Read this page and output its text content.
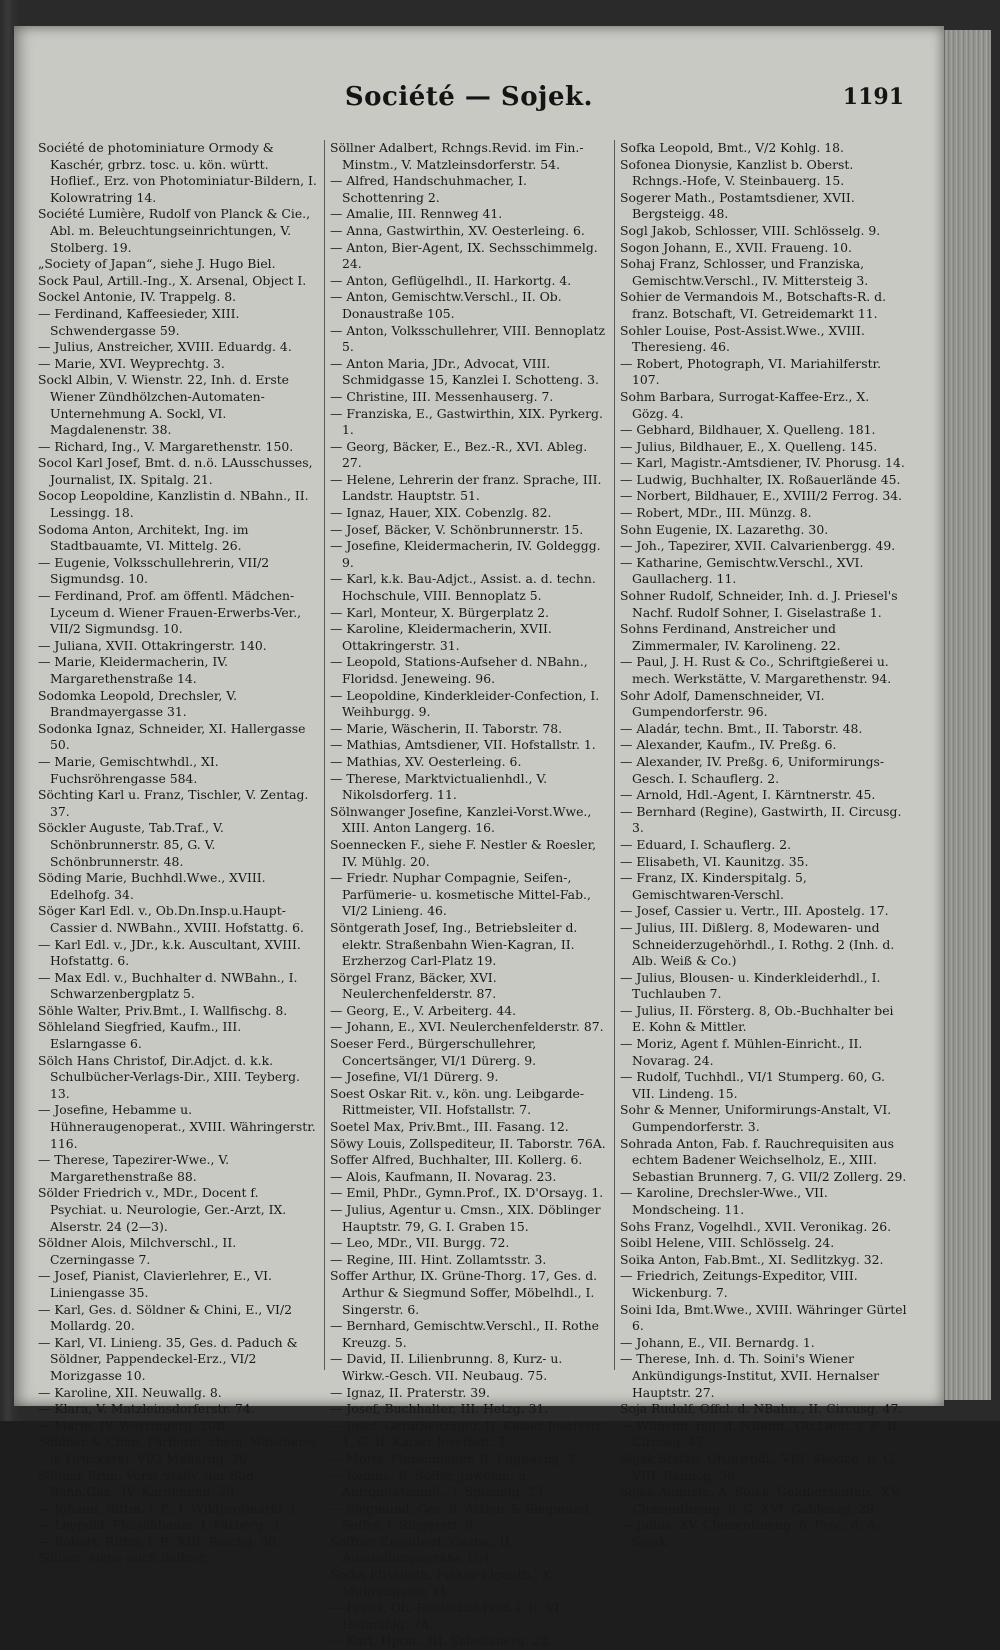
Société — Sojek.	1191
Société de photominiature Ormody & Kaschér, grbrz. tosc. u. kön. württ. Hoflief., Erz. von Photominiatur-Bildern, I. Kolowratring 14.
Société Lumière, Rudolf von Planck & Cie., Abl. m. Beleuchtungseinrichtungen, V. Stolberg. 19.
„Society of Japan“, siehe J. Hugo Biel.
Sock Paul, Artill.-Ing., X. Arsenal, Object I.
Sockel Antonie, IV. Trappelg. 8.
— Ferdinand, Kaffeesieder, XIII. Schwendergasse 59.
— Julius, Anstreicher, XVIII. Eduardg. 4.
— Marie, XVI. Weyprechtg. 3.
Sockl Albin, V. Wienstr. 22, Inh. d. Erste Wiener Zündhölzchen-Automaten-Unternehmung A. Sockl, VI. Magdalenenstr. 38.
— Richard, Ing., V. Margarethenstr. 150.
Socol Karl Josef, Bmt. d. n.ö. LAusschusses, Journalist, IX. Spitalg. 21.
Socop Leopoldine, Kanzlistin d. NBahn., II. Lessingg. 18.
Sodoma Anton, Architekt, Ing. im Stadtbauamte, VI. Mittelg. 26.
— Eugenie, Volksschullehrerin, VII/2 Sigmundsg. 10.
— Ferdinand, Prof. am öffentl. Mädchen-Lyceum d. Wiener Frauen-Erwerbs-Ver., VII/2 Sigmundsg. 10.
— Juliana, XVII. Ottakringerstr. 140.
— Marie, Kleidermacherin, IV. Margarethenstraße 14.
Sodomka Leopold, Drechsler, V. Brandmayergasse 31.
Sodonka Ignaz, Schneider, XI. Hallergasse 50.
— Marie, Gemischtwhdl., XI. Fuchsröhrengasse 584.
Söchting Karl u. Franz, Tischler, V. Zentag. 37.
Söckler Auguste, Tab.Traf., V. Schönbrunnerstr. 85, G. V. Schönbrunnerstr. 48.
Söding Marie, Buchhdl.Wwe., XVIII. Edelhofg. 34.
Söger Karl Edl. v., Ob.Dn.Insp.u.Haupt-Cassier d. NWBahn., XVIII. Hofstattg. 6.
— Karl Edl. v., JDr., k.k. Auscultant, XVIII. Hofstattg. 6.
— Max Edl. v., Buchhalter d. NWBahn., I. Schwarzenbergplatz 5.
Söhle Walter, Priv.Bmt., I. Wallfischg. 8.
Söhleland Siegfried, Kaufm., III. Eslarngasse 6.
Sölch Hans Christof, Dir.Adjct. d. k.k. Schulbücher-Verlags-Dir., XIII. Teyberg. 13.
— Josefine, Hebamme u. Hühneraugenoperat., XVIII. Währingerstr. 116.
— Therese, Tapezirer-Wwe., V. Margarethenstraße 88.
Sölder Friedrich v., MDr., Docent f. Psychiat. u. Neurologie, Ger.-Arzt, IX. Alserstr. 24 (2—3).
Söldner Alois, Milchverschl., II. Czerningasse 7.
— Josef, Pianist, Clavierlehrer, E., VI. Liniengasse 35.
— Karl, Ges. d. Söldner & Chini, E., VI/2 Mollardg. 20.
— Karl, VI. Linieng. 35, Ges. d. Paduch & Söldner, Pappendeckel-Erz., VI/2 Morizgasse 10.
— Karoline, XII. Neuwallg. 8.
— Klara, V. Matzleinsdorferstr. 74.
— Marie, IV. Weyringerg. 30B.
Söldner & Chini, Färberei, chem. Wäscherei u. Druckerei, VI/2 Mollardg. 20.
Söllner Brun. Vorst.Stellv. der Süd-Bahn.Ges., IV. Karolineng. 28.
— Johann, Rittm. i. P., I. Wildpretmarkt 3.
— Leopold, Fleischhauer, I. Färberg. 3.
— Robert, Rittm. i. P., XIII. Reichg. 30.
Söllner, siehe auch Sellner.
Söllner Adalbert, Rchngs.Revid. im Fin.-Minstm., V. Matzleinsdorferstr. 54.
— Alfred, Handschuhmacher, I. Schottenring 2.
— Amalie, III. Rennweg 41.
— Anna, Gastwirthin, XV. Oesterleing. 6.
— Anton, Bier-Agent, IX. Sechsschimmelg. 24.
— Anton, Geflügelhdl., II. Harkortg. 4.
— Anton, Gemischtw.Verschl., II. Ob. Donaustraße 105.
— Anton, Volksschullehrer, VIII. Bennoplatz 5.
— Anton Maria, JDr., Advocat, VIII. Schmidgasse 15, Kanzlei I. Schotteng. 3.
— Christine, III. Messenhauserg. 7.
— Franziska, E., Gastwirthin, XIX. Pyrkerg. 1.
— Georg, Bäcker, E., Bez.-R., XVI. Ableg. 27.
— Helene, Lehrerin der franz. Sprache, III. Landstr. Hauptstr. 51.
— Ignaz, Hauer, XIX. Cobenzlg. 82.
— Josef, Bäcker, V. Schönbrunnerstr. 15.
— Josefine, Kleidermacherin, IV. Goldeggg. 9.
— Karl, k.k. Bau-Adjct., Assist. a. d. techn. Hochschule, VIII. Bennoplatz 5.
— Karl, Monteur, X. Bürgerplatz 2.
— Karoline, Kleidermacherin, XVII. Ottakringerstr. 31.
— Leopold, Stations-Aufseher d. NBahn., Floridsd. Jeneweing. 96.
— Leopoldine, Kinderkleider-Confection, I. Weihburgg. 9.
— Marie, Wäscherin, II. Taborstr. 78.
— Mathias, Amtsdiener, VII. Hofstallstr. 1.
— Mathias, XV. Oesterleing. 6.
— Therese, Marktvictualienhdl., V. Nikolsdorferg. 11.
Sölnwanger Josefine, Kanzlei-Vorst.Wwe., XIII. Anton Langerg. 16.
Soennecken F., siehe F. Nestler & Roesler, IV. Mühlg. 20.
— Friedr. Nuphar Compagnie, Seifen-, Parfümerie- u. kosmetische Mittel-Fab., VI/2 Linieng. 46.
Söntgerath Josef, Ing., Betriebsleiter d. elektr. Straßenbahn Wien-Kagran, II. Erzherzog Carl-Platz 19.
Sörgel Franz, Bäcker, XVI. Neulerchenfelderstr. 87.
— Georg, E., V. Arbeiterg. 44.
— Johann, E., XVI. Neulerchenfelderstr. 87.
Soeser Ferd., Bürgerschullehrer, Concertsänger, VI/1 Dürerg. 9.
— Josefine, VI/1 Dürerg. 9.
Soest Oskar Rit. v., kön. ung. Leibgarde-Rittmeister, VII. Hofstallstr. 7.
Soetel Max, Priv.Bmt., III. Fasang. 12.
Söwy Louis, Zollspediteur, II. Taborstr. 76A.
Soffer Alfred, Buchhalter, III. Kollerg. 6.
— Alois, Kaufmann, II. Novarag. 23.
— Emil, PhDr., Gymn.Prof., IX. D'Orsayg. 1.
— Julius, Agentur u. Cmsn., XIX. Döblinger Hauptstr. 79, G. I. Graben 15.
— Leo, MDr., VII. Burgg. 72.
— Regine, III. Hint. Zollamtsstr. 3.
Soffer Arthur, IX. Grüne-Thorg. 17, Ges. d. Arthur & Siegmund Soffer, Möbelhdl., I. Singerstr. 6.
— Bernhard, Gemischtw.Verschl., II. Rothe Kreuzg. 5.
— David, II. Lilienbrunng. 8, Kurz- u. Wirkw.-Gesch. VII. Neubaug. 75.
— Ignaz, II. Praterstr. 39.
— Josef, Buchhalter, III. Hetzg. 31.
— Josef, Geräthelträger, II. Kaiser Josefsstr. 1, G. II. Kaiser Josefsstr. 7.
— Moriz, Fleischhauer, II. Fugbachg. 7.
— Regine, R. Soffer, Juwelen- u. Antiquitätenhdl., I. Spiegelg. 23.
— Siegmund, Ges. d. Arthur & Siegmund Soffer, I. Singerstr. 6.
Soffner Engelbert, Gastw., II. Ausstellungsstraße 104.
Sofka Elisabeth, Fiaker-Eigenth., X. Muhrengasse 41.
— Franz, Ob.-Realschul-Prof. i. P., VI. Hofmühlg. 7A.
— Karl, Hptm., III. Salesianerg. 23.
Sofka Leopold, Bmt., V/2 Kohlg. 18.
Sofonea Dionysie, Kanzlist b. Oberst. Rchngs.-Hofe, V. Steinbauerg. 15.
Sogerer Math., Postamtsdiener, XVII. Bergsteigg. 48.
Sogl Jakob, Schlosser, VIII. Schlösselg. 9.
Sogon Johann, E., XVII. Fraueng. 10.
Sohaj Franz, Schlosser, und Franziska, Gemischtw.Verschl., IV. Mittersteig 3.
Sohier de Vermandois M., Botschafts-R. d. franz. Botschaft, VI. Getreidemarkt 11.
Sohler Louise, Post-Assist.Wwe., XVIII. Theresieng. 46.
— Robert, Photograph, VI. Mariahilferstr. 107.
Sohm Barbara, Surrogat-Kaffee-Erz., X. Gözg. 4.
— Gebhard, Bildhauer, X. Quelleng. 181.
— Julius, Bildhauer, E., X. Quelleng. 145.
— Karl, Magistr.-Amtsdiener, IV. Phorusg. 14.
— Ludwig, Buchhalter, IX. Roßauerlände 45.
— Norbert, Bildhauer, E., XVIII/2 Ferrog. 34.
— Robert, MDr., III. Münzg. 8.
Sohn Eugenie, IX. Lazarethg. 30.
— Joh., Tapezirer, XVII. Calvarienbergg. 49.
— Katharine, Gemischtw.Verschl., XVI. Gaullacherg. 11.
Sohner Rudolf, Schneider, Inh. d. J. Priesel's Nachf. Rudolf Sohner, I. Giselastraße 1.
Sohns Ferdinand, Anstreicher und Zimmermaler, IV. Karolineng. 22.
— Paul, J. H. Rust & Co., Schriftgießerei u. mech. Werkstätte, V. Margarethenstr. 94.
Sohr Adolf, Damenschneider, VI. Gumpendorferstr. 96.
— Aladár, techn. Bmt., II. Taborstr. 48.
— Alexander, Kaufm., IV. Preßg. 6.
— Alexander, IV. Preßg. 6, Uniformirungs-Gesch. I. Schauflerg. 2.
— Arnold, Hdl.-Agent, I. Kärntnerstr. 45.
— Bernhard (Regine), Gastwirth, II. Circusg. 3.
— Eduard, I. Schauflerg. 2.
— Elisabeth, VI. Kaunitzg. 35.
— Franz, IX. Kinderspitalg. 5, Gemischtwaren-Verschl.
— Josef, Cassier u. Vertr., III. Apostelg. 17.
— Julius, III. Dißlerg. 8, Modewaren- und Schneiderzugehörhdl., I. Rothg. 2 (Inh. d. Alb. Weiß & Co.)
— Julius, Blousen- u. Kinderkleiderhdl., I. Tuchlauben 7.
— Julius, II. Försterg. 8, Ob.-Buchhalter bei E. Kohn & Mittler.
— Moriz, Agent f. Mühlen-Einricht., II. Novarag. 24.
— Rudolf, Tuchhdl., VI/1 Stumperg. 60, G. VII. Lindeng. 15.
Sohr & Menner, Uniformirungs-Anstalt, VI. Gumpendorferstr. 3.
Sohrada Anton, Fab. f. Rauchrequisiten aus echtem Badener Weichselholz, E., XIII. Sebastian Brunnerg. 7, G. VII/2 Zollerg. 29.
— Karoline, Drechsler-Wwe., VII. Mondscheing. 11.
Sohs Franz, Vogelhdl., XVII. Veronikag. 26.
Soibl Helene, VIII. Schlösselg. 24.
Soika Anton, Fab.Bmt., XI. Sedlitzkyg. 32.
— Friedrich, Zeitungs-Expeditor, VIII. Wickenburg. 7.
Soini Ida, Bmt.Wwe., XVIII. Währinger Gürtel 6.
— Johann, E., VII. Bernardg. 1.
— Therese, Inh. d. Th. Soini's Wiener Ankündigungs-Institut, XVII. Hernalser Hauptstr. 27.
Soja Rudolf, Offcl. d. NBahn., II. Circusg. 47.
— Wilhelm, Ing. d. NBahn., Ob.Lieut. i. P., II. Circusg. 47.
Sojak Stefan, Grünwhdl., VIII. Skodag. 6, G. VIII. Bennog. 30.
Sojek Auguste, A. Sojek, Geldbörsenfab., XV. Clementineng. 6, G. XVI. Gablenzg. 28.
— Julius, XV. Clementineng. 6, Proc. d. A. Sojek.
